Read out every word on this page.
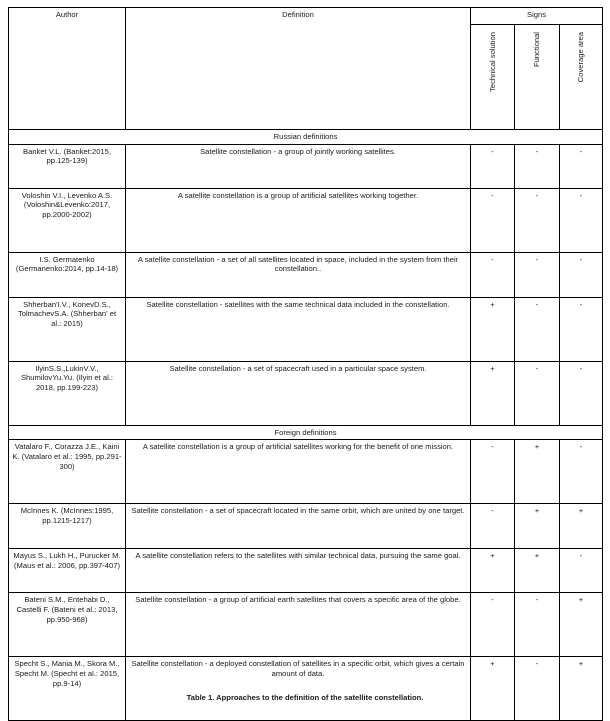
Author	Definition	Signs		
		Technical solution	Functional	Coverage area
Russian definitions				
Banket V.L. (Banket:2015, pp.125-139)	Satellite constellation - a group of jointly working satellites.	-	-	-
Voloshin V.I., Levenko A.S. (Voloshin&Levenko:2017, pp.2000-2002)	A satellite constellation is a group of artificial satellites working together.	-	-	-
I.S. Germatenko (Germanenko:2014, pp.14-18)	A satellite constellation - a set of all satellites located in space, included in the system from their constellation..	-	-	-
Shherban'I.V., KonevD.S., TolmachevS.A. (Shherban' et al.: 2015)	Satellite constellation - satellites with the same technical data included in the constellation.	+	-	-
IlyinS.S.,LukinV.V., ShumilovYu.Yu. (Ilyin et al.: 2018, pp.199-223)	Satellite constellation - a set of spacecraft used in a particular space system.	+	-	-
Foreign definitions				
Vatalaro F., Corazza J.E., Kaini K. (Vatalaro et al.: 1995, pp.291-300)	A satellite constellation is a group of artificial satellites working for the benefit of one mission.	-	+	-
McInnes K. (McInnes:1995, pp.1215-1217)	Satellite constellation - a set of spacecraft located in the same orbit, which are united by one target.	-	+	+
Mayus S., Lukh H., Purucker M. (Maus et al.: 2006, pp.397-407)	A satellite constellation refers to the satellites with similar technical data, pursuing the same goal.	+	+	-
Bateni S.M., Entehabi D., Castelli F. (Bateni et al.: 2013, pp.950-968)	Satellite constellation - a group of artificial earth satellites that covers a specific area of the globe.	-	-	+
Specht S., Mania M., Skora M., Specht M. (Specht et al.: 2015, pp.9-14)	Satellite constellation - a deployed constellation of satellites in a specific orbit, which gives a certain amount of data.	+	-	+
Table 1. Approaches to the definition of the satellite constellation.
